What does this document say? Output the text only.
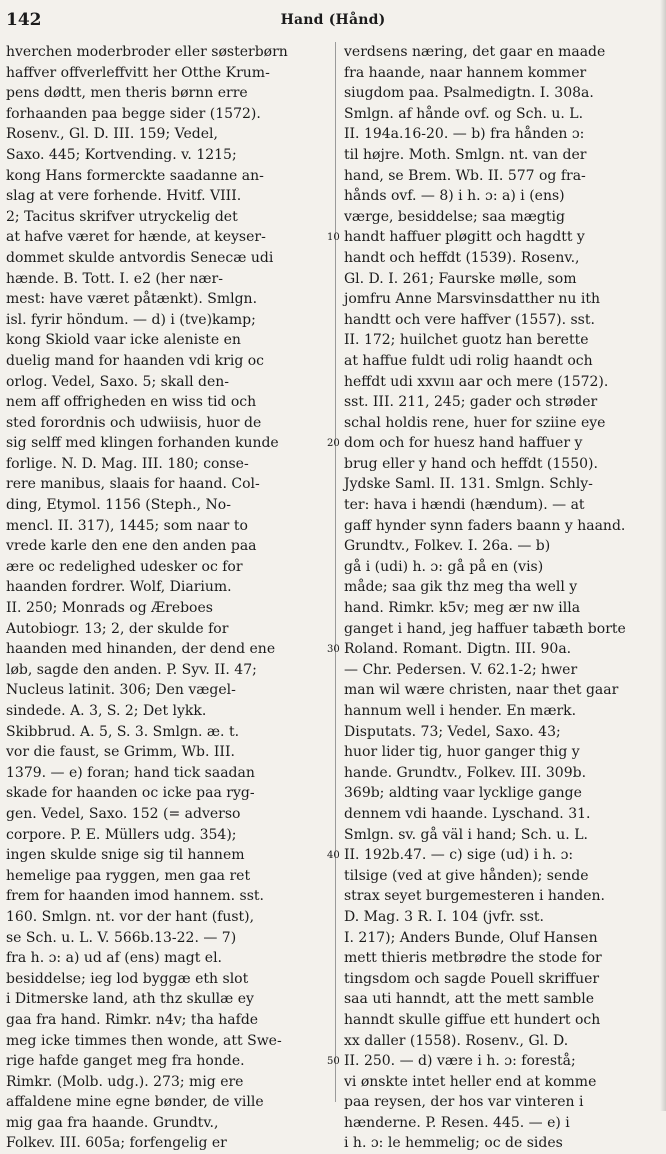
142	Hand (Hånd)
hverchen moderbroder eller søsterbørn
haffver offverleffvitt her Otthe Krum-
pens dødtt, men theris børnn erre
forhaanden paa begge sider (1572).
Rosenv., Gl. D. III. 159; Vedel,
Saxo. 445; Kortvending. v. 1215;
kong Hans formerckte saadanne an-
slag at vere forhende. Hvitf. VIII.
2; Tacitus skrifver utryckelig det
at hafve været for hænde, at keyser-
dommet skulde antvordis Senecæ udi
hænde. B. Tott. I. e2 (her nær-
mest: have været påtænkt). Smlgn.
isl. fyrir höndum. — d) i (tve)kamp;
kong Skiold vaar icke aleniste en
duelig mand for haanden vdi krig oc
orlog. Vedel, Saxo. 5; skall den-
nem aff offrigheden en wiss tid och
sted forordnis och udwiisis, huor de
sig selff med klingen forhanden kunde
forlige. N. D. Mag. III. 180; conse-
rere manibus, slaais for haand. Col-
ding, Etymol. 1156 (Steph., No-
mencl. II. 317), 1445; som naar to
vrede karle den ene den anden paa
ære oc redelighed udesker oc for
haanden fordrer. Wolf, Diarium.
II. 250; Monrads og Æreboes
Autobiogr. 13; 2, der skulde for
haanden med hinanden, der dend ene
løb, sagde den anden. P. Syv. II. 47;
Nucleus latinit. 306; Den vægel-
sindede. A. 3, S. 2; Det lykk.
Skibbrud. A. 5, S. 3. Smlgn. æ. t.
vor die faust, se Grimm, Wb. III.
1379. — e) foran; hand tick saadan
skade for haanden oc icke paa ryg-
gen. Vedel, Saxo. 152 (= adverso
corpore. P. E. Müllers udg. 354);
ingen skulde snige sig til hannem
hemelige paa ryggen, men gaa ret
frem for haanden imod hannem. sst.
160. Smlgn. nt. vor der hant (fust),
se Sch. u. L. V. 566b.13-22. — 7)
fra h. ɔ: a) ud af (ens) magt el.
besiddelse; ieg lod byggæ eth slot
i Ditmerske land, ath thz skullæ ey
gaa fra hand. Rimkr. n4v; tha hafde
meg icke timmes then wonde, att Swe-
rige hafde ganget meg fra honde.
Rimkr. (Molb. udg.). 273; mig ere
affaldene mine egne bønder, de ville
mig gaa fra haande. Grundtv.,
Folkev. III. 605a; forfengelig er
verdsens næring, det gaar en maade
fra haande, naar hannem kommer
siugdom paa. Psalmedigtn. I. 308a.
Smlgn. af hånde ovf. og Sch. u. L.
II. 194a.16-20. — b) fra hånden ɔ:
til højre. Moth. Smlgn. nt. van der
hand, se Brem. Wb. II. 577 og fra-
hånds ovf. — 8) i h. ɔ: a) i (ens)
værge, besiddelse; saa mægtig
handt haffuer pløgitt och hagdtt y
handt och heffdt (1539). Rosenv.,
Gl. D. I. 261; Faurske mølle, som
jomfru Anne Marsvinsdatther nu ith
handtt och vere haffver (1557). sst.
II. 172; huilchet guotz han berette
at haffue fuldt udi rolig haandt och
heffdt udi xxvııı aar och mere (1572).
sst. III. 211, 245; gader och strøder
schal holdis rene, huer for sziine eye
dom och for huesz hand haffuer y
brug eller y hand och heffdt (1550).
Jydske Saml. II. 131. Smlgn. Schly-
ter: hava i hændi (hændum). — at
gaff hynder synn faders baann y haand.
Grundtv., Folkev. I. 26a. — b)
gå i (udi) h. ɔ: gå på en (vis)
måde; saa gik thz meg tha well y
hand. Rimkr. k5v; meg ær nw illa
ganget i hand, jeg haffuer tabæth borte
Roland. Romant. Digtn. III. 90a.
— Chr. Pedersen. V. 62.1-2; hwer
man wil wære christen, naar thet gaar
hannum well i hender. En mærk.
Disputats. 73; Vedel, Saxo. 43;
huor lider tig, huor ganger thig y
hande. Grundtv., Folkev. III. 309b.
369b; aldting vaar lycklige gange
dennem vdi haande. Lyschand. 31.
Smlgn. sv. gå väl i hand; Sch. u. L.
II. 192b.47. — c) sige (ud) i h. ɔ:
tilsige (ved at give hånden); sende
strax seyet burgemesteren i handen.
D. Mag. 3 R. I. 104 (jvfr. sst.
I. 217); Anders Bunde, Oluf Hansen
mett thieris metbrødre the stode for
tingsdom och sagde Pouell skriffuer
saa uti hanndt, att the mett samble
hanndt skulle giffue ett hundert och
xx daller (1558). Rosenv., Gl. D.
II. 250. — d) være i h. ɔ: forestå;
vi ønskte intet heller end at komme
paa reysen, der hos var vinteren i
hænderne. P. Resen. 445. — e) i
i h. ɔ: le hemmelig; oc de sides
10
20
30
40
50
